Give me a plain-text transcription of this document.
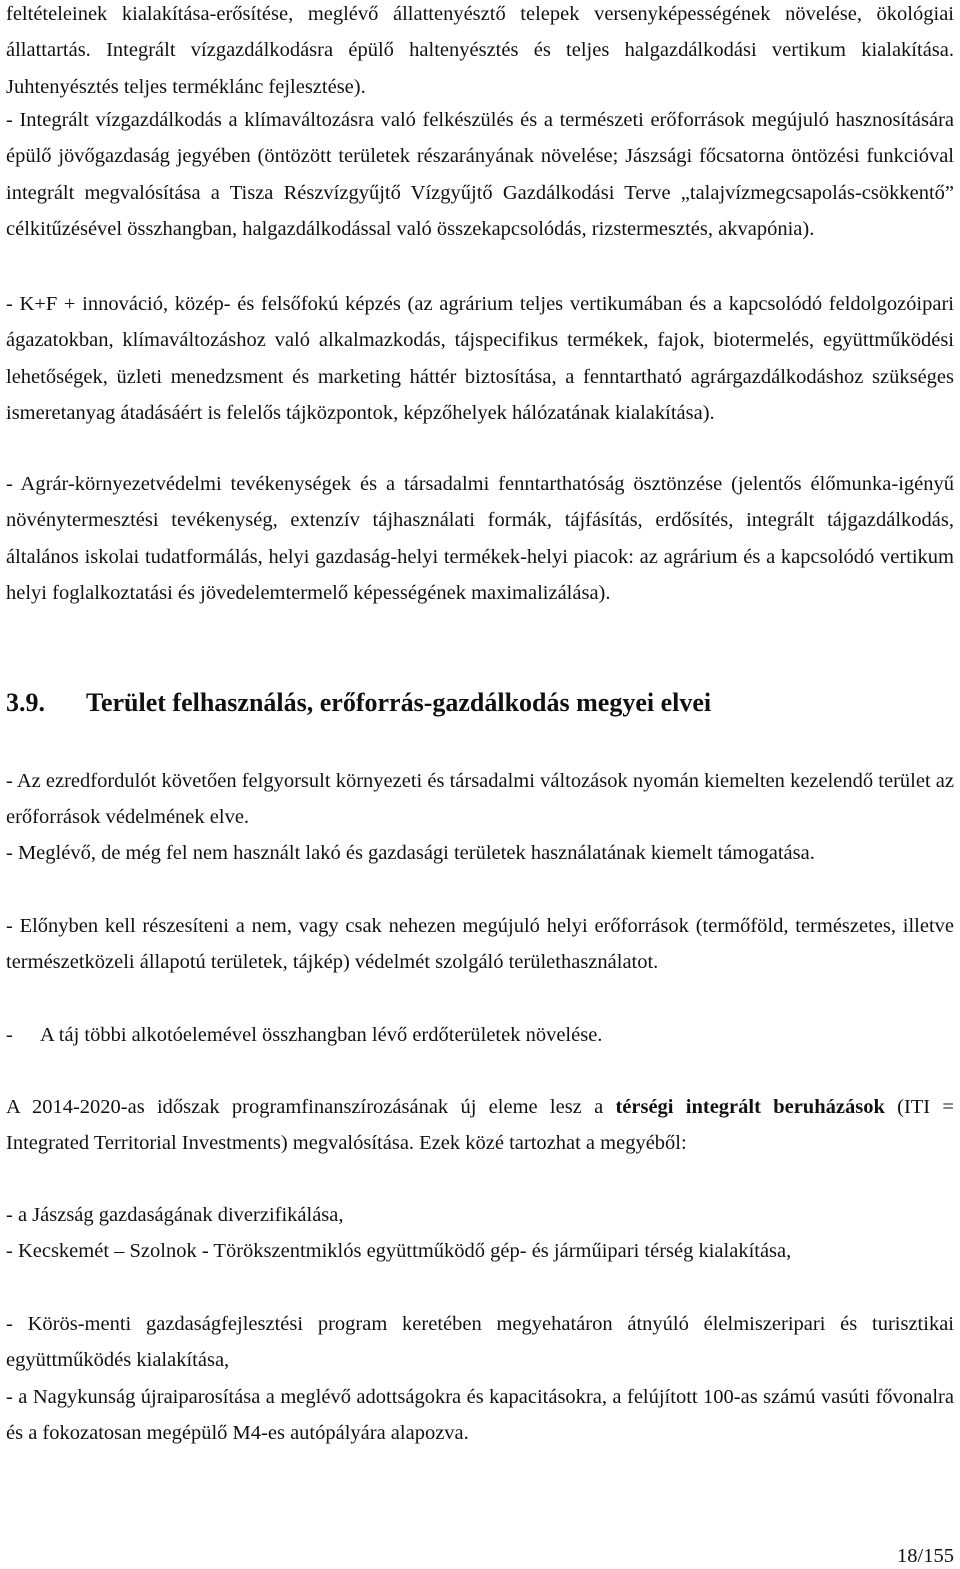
feltételeinek kialakítása-erősítése, meglévő állattenyésztő telepek versenyképességének növelése, ökológiai állattartás. Integrált vízgazdálkodásra épülő haltenyésztés és teljes halgazdálkodási vertikum kialakítása. Juhtenyésztés teljes terméklánc fejlesztése).

- Integrált vízgazdálkodás a klímaváltozásra való felkészülés és a természeti erőforrások megújuló hasznosítására épülő jövőgazdaság jegyében (öntözött területek részarányának növelése; Jászsági főcsatorna öntözési funkcióval integrált megvalósítása a Tisza Részvízgyűjtő Vízgyűjtő Gazdálkodási Terve „talajvízmegcsapolás-csökkentő” célkitűzésével összhangban, halgazdálkodással való összekapcsolódás, rizstermesztés, akvapónia).

- K+F + innováció, közép- és felsőfokú képzés (az agrárium teljes vertikumában és a kapcsolódó feldolgozóipari ágazatokban, klímaváltozáshoz való alkalmazkodás, tájspecifikus termékek, fajok, biotermelés, együttműködési lehetőségek, üzleti menedzsment és marketing háttér biztosítása, a fenntartható agrárgazdálkodáshoz szükséges ismeretanyag átadásáért is felelős tájközpontok, képzőhelyek hálózatának kialakítása).

- Agrár-környezetvédelmi tevékenységek és a társadalmi fenntarthatóság ösztönzése (jelentős élőmunka-igényű növénytermesztési tevékenység, extenzív tájhasználati formák, tájfásítás, erdősítés, integrált tájgazdálkodás, általános iskolai tudatformálás, helyi gazdaság-helyi termékek-helyi piacok: az agrárium és a kapcsolódó vertikum helyi foglalkoztatási és jövedelemtermelő képességének maximalizálása).

3.9. Terület felhasználás, erőforrás-gazdálkodás megyei elvei

- Az ezredfordulót követően felgyorsult környezeti és társadalmi változások nyomán kiemelten kezelendő terület az erőforrások védelmének elve.

- Meglévő, de még fel nem használt lakó és gazdasági területek használatának kiemelt támogatása.

- Előnyben kell részesíteni a nem, vagy csak nehezen megújuló helyi erőforrások (termőföld, természetes, illetve természetközeli állapotú területek, tájkép) védelmét szolgáló területhasználatot.

- A táj többi alkotóelemével összhangban lévő erdőterületek növelése.

A 2014-2020-as időszak programfinanszírozásának új eleme lesz a térségi integrált beruházások (ITI = Integrated Territorial Investments) megvalósítása. Ezek közé tartozhat a megyéből:

- a Jászság gazdaságának diverzifikálása,

- Kecskemét – Szolnok - Törökszentmiklós együttműködő gép- és járműipari térség kialakítása,

- Körös-menti gazdaságfejlesztési program keretében megyehatáron átnyúló élelmiszeripari és turisztikai együttműködés kialakítása,

- a Nagykunság újraiparosítása a meglévő adottságokra és kapacitásokra, a felújított 100-as számú vasúti fővonalra és a fokozatosan megépülő M4-es autópályára alapozva.

18/155
